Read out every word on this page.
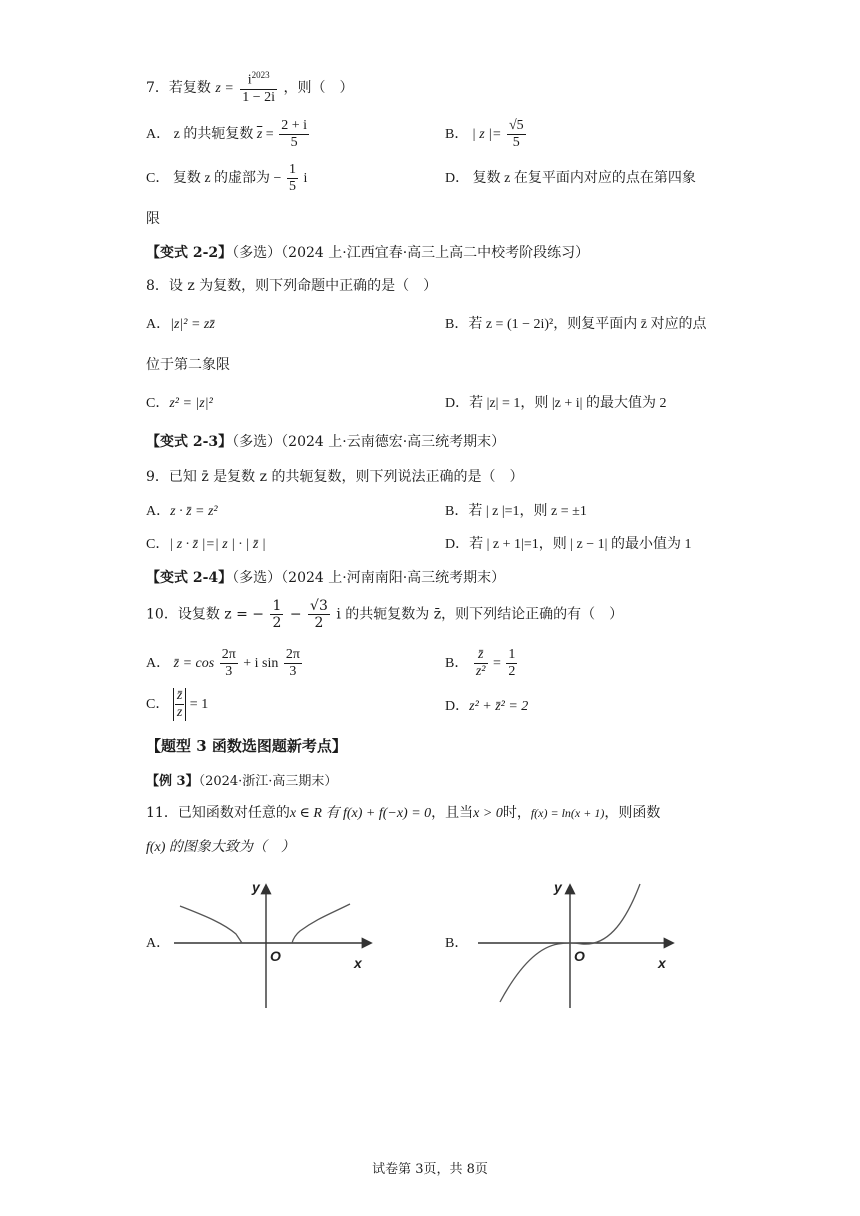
7．若复数 $z = \frac{i^{2023}}{1 - 2i}$ ，则（　）
A． z 的共轭复数 $\overline{z} = \frac{2 + i}{5}$	B． | z |= $\frac{√5}{5}$
C． 复数 z 的虚部为 − $\frac{1}{5}$ i	D． 复数 z 在复平面内对应的点在第四象
限
【变式 2-2】（多选）（2024 上·江西宜春·高三上高二中校考阶段练习）
8．设 z 为复数，则下列命题中正确的是（　）
A．|z|² = zz̄	B．若 z = (1 − 2i)²，则复平面内 z̄ 对应的点
位于第二象限
C．z² = |z|²	D．若 |z| = 1，则 |z + i| 的最大值为 2
【变式 2-3】（多选）（2024 上·云南德宏·高三统考期末）
9．已知 z̄ 是复数 z 的共轭复数，则下列说法正确的是（　）
A．z · z̄ = z²	B．若 | z |=1，则 z = ±1
C．| z · z̄ |=| z | · | z̄ |	D．若 | z + 1|=1，则 | z − 1| 的最小值为 1
【变式 2-4】（多选）（2024 上·河南南阳·高三统考期末）
10．设复数 z = − $\frac{1}{2} - \frac{√3}{2}$ i 的共轭复数为 z̄，则下列结论正确的有（　）
A． z̄ = $\cos \frac{2\pi}{3} + i$ $\sin \frac{2\pi}{3}$	B． $\frac{z̄}{\text{z²}} = \frac{1}{2}$
C． $\frac{z̄}{z} = 1$	D．z² + z̄² = 2
【题型 3 函数选图题新考点】
【例 3】（2024·浙江·高三期末）
11．已知函数对任意的x ∈ R 有 f(x) + f(−x) = 0，且当x > 0时，f(x) = ln(x + 1)，则函数
f(x) 的图象大致为（　）
A．
y
x
O
B．
y
x
O
试卷第 3页，共 8页
